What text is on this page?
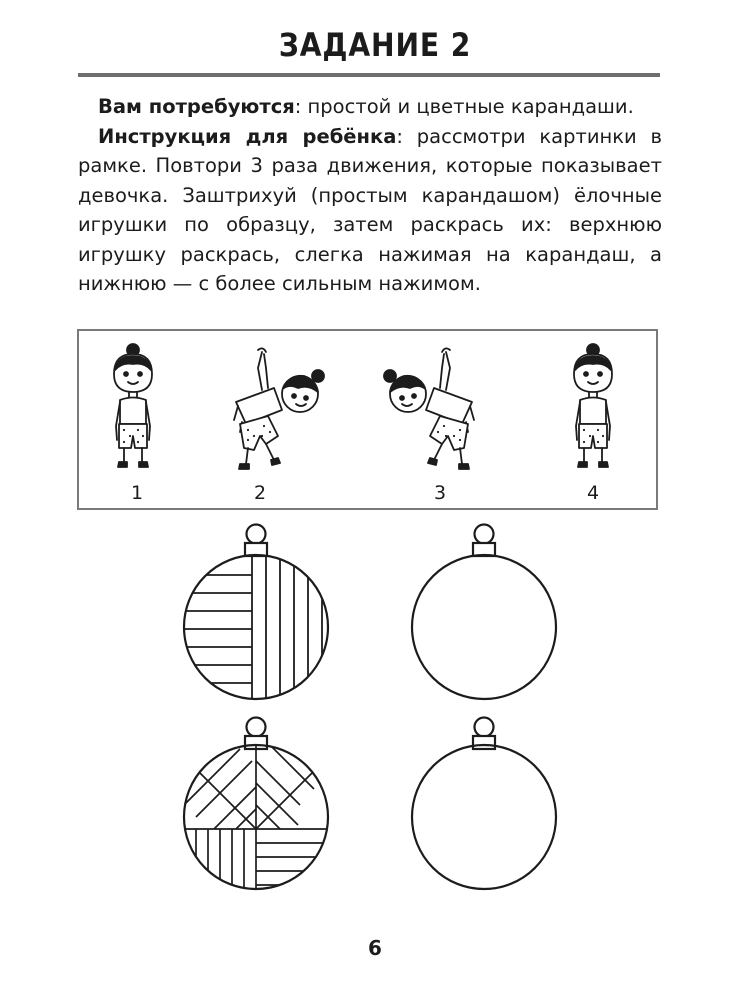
ЗАДАНИЕ 2

Вам потребуются: простой и цветные карандаши.

Инструкция для ребёнка: рассмотри картинки в рамке. Повтори 3 раза движения, которые показывает девочка. Заштрихуй (простым карандашом) ёлочные игрушки по образцу, затем раскрась их: верхнюю игрушку раскрась, слегка нажимая на карандаш, а нижнюю — с более сильным нажимом.

1	2	3	4
6
